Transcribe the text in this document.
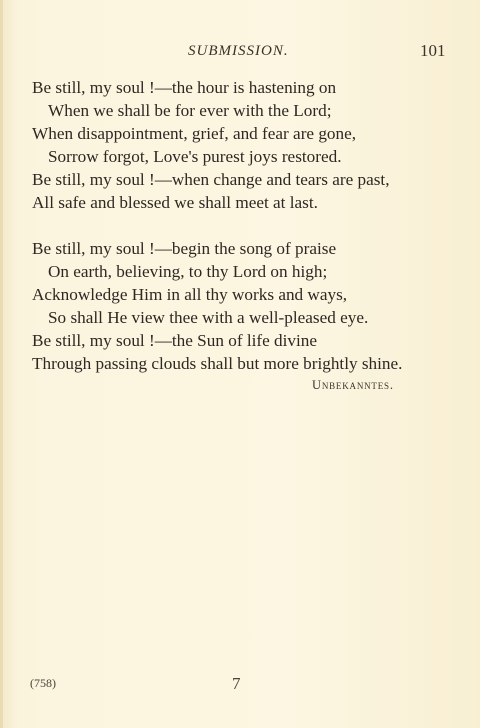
SUBMISSION.	101
Be still, my soul !—the hour is hastening on
When we shall be for ever with the Lord;
When disappointment, grief, and fear are gone,
Sorrow forgot, Love's purest joys restored.
Be still, my soul !—when change and tears are past,
All safe and blessed we shall meet at last.
Be still, my soul !—begin the song of praise
On earth, believing, to thy Lord on high;
Acknowledge Him in all thy works and ways,
So shall He view thee with a well-pleased eye.
Be still, my soul !—the Sun of life divine
Through passing clouds shall but more brightly shine.
Unbekanntes.
(758)	7
